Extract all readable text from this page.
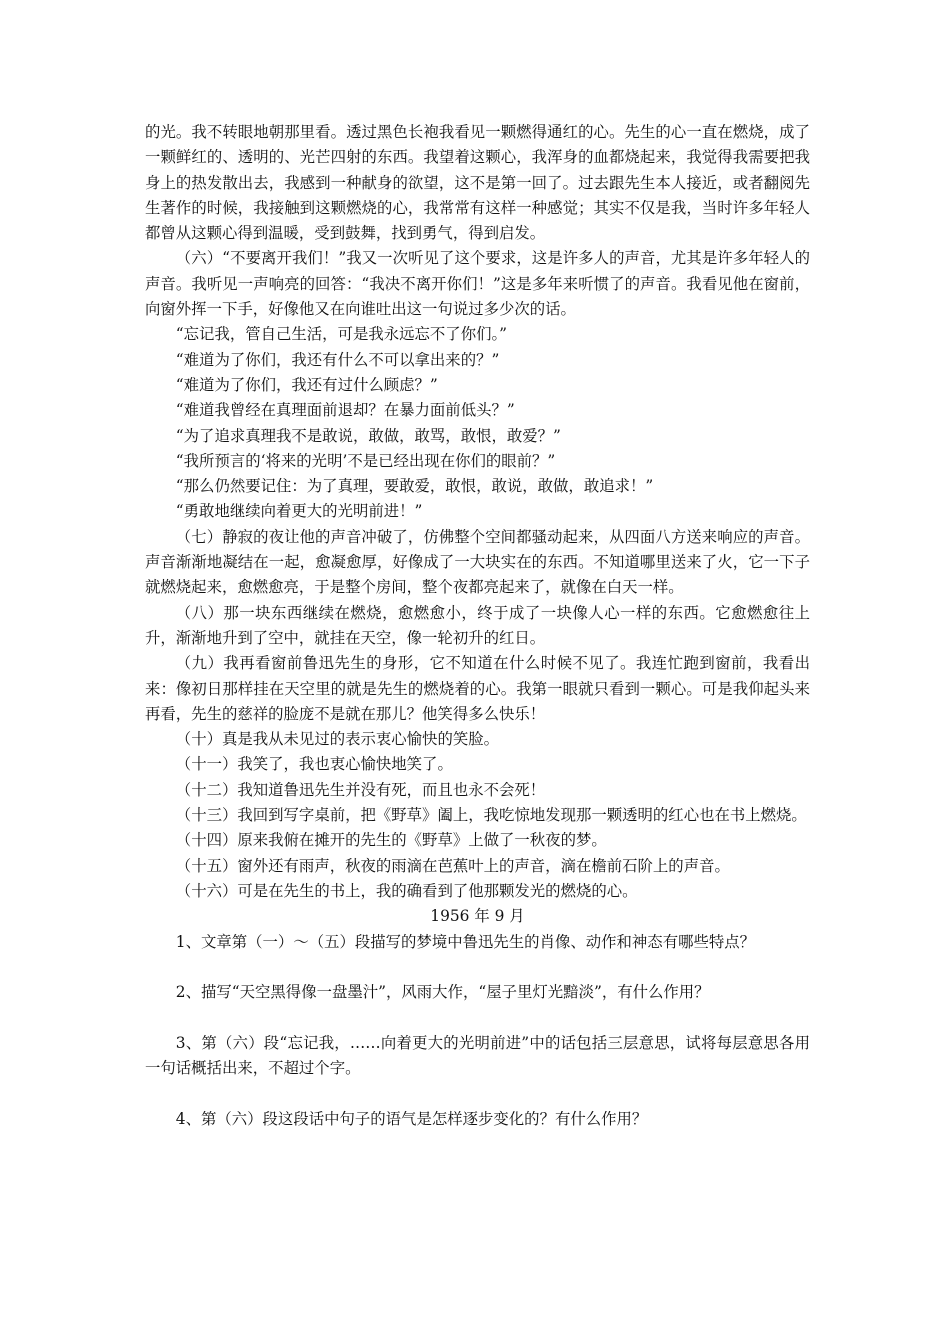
的光。我不转眼地朝那里看。透过黑色长袍我看见一颗燃得通红的心。先生的心一直在燃烧，成了一颗鲜红的、透明的、光芒四射的东西。我望着这颗心，我浑身的血都烧起来，我觉得我需要把我身上的热发散出去，我感到一种献身的欲望，这不是第一回了。过去跟先生本人接近，或者翻阅先生著作的时候，我接触到这颗燃烧的心，我常常有这样一种感觉；其实不仅是我，当时许多年轻人都曾从这颗心得到温暖，受到鼓舞，找到勇气，得到启发。

（六）“不要离开我们！”我又一次听见了这个要求，这是许多人的声音，尤其是许多年轻人的声音。我听见一声响亮的回答：“我决不离开你们！”这是多年来听惯了的声音。我看见他在窗前，向窗外挥一下手，好像他又在向谁吐出这一句说过多少次的话。

“忘记我，管自己生活，可是我永远忘不了你们。”

“难道为了你们，我还有什么不可以拿出来的？”

“难道为了你们，我还有过什么顾虑？”

“难道我曾经在真理面前退却？在暴力面前低头？”

“为了追求真理我不是敢说，敢做，敢骂，敢恨，敢爱？”

“我所预言的‘将来的光明’不是已经出现在你们的眼前？”

“那么仍然要记住：为了真理，要敢爱，敢恨，敢说，敢做，敢追求！”

“勇敢地继续向着更大的光明前进！”

（七）静寂的夜让他的声音冲破了，仿佛整个空间都骚动起来，从四面八方送来响应的声音。声音渐渐地凝结在一起，愈凝愈厚，好像成了一大块实在的东西。不知道哪里送来了火，它一下子就燃烧起来，愈燃愈亮，于是整个房间，整个夜都亮起来了，就像在白天一样。

（八）那一块东西继续在燃烧，愈燃愈小，终于成了一块像人心一样的东西。它愈燃愈往上升，渐渐地升到了空中，就挂在天空，像一轮初升的红日。

（九）我再看窗前鲁迅先生的身形，它不知道在什么时候不见了。我连忙跑到窗前，我看出来：像初日那样挂在天空里的就是先生的燃烧着的心。我第一眼就只看到一颗心。可是我仰起头来再看，先生的慈祥的脸庞不是就在那儿？他笑得多么快乐！

（十）真是我从未见过的表示衷心愉快的笑脸。

（十一）我笑了，我也衷心愉快地笑了。

（十二）我知道鲁迅先生并没有死，而且也永不会死！

（十三）我回到写字桌前，把《野草》阖上，我吃惊地发现那一颗透明的红心也在书上燃烧。

（十四）原来我俯在摊开的先生的《野草》上做了一秋夜的梦。

（十五）窗外还有雨声，秋夜的雨滴在芭蕉叶上的声音，滴在檐前石阶上的声音。

（十六）可是在先生的书上，我的确看到了他那颗发光的燃烧的心。

1956 年 9 月

1、文章第（一）～（五）段描写的梦境中鲁迅先生的肖像、动作和神态有哪些特点？

2、描写“天空黑得像一盘墨汁”，风雨大作，“屋子里灯光黯淡”，有什么作用？

3、第（六）段“忘记我，……向着更大的光明前进”中的话包括三层意思，试将每层意思各用一句话概括出来，不超过个字。

4、第（六）段这段话中句子的语气是怎样逐步变化的？有什么作用？
